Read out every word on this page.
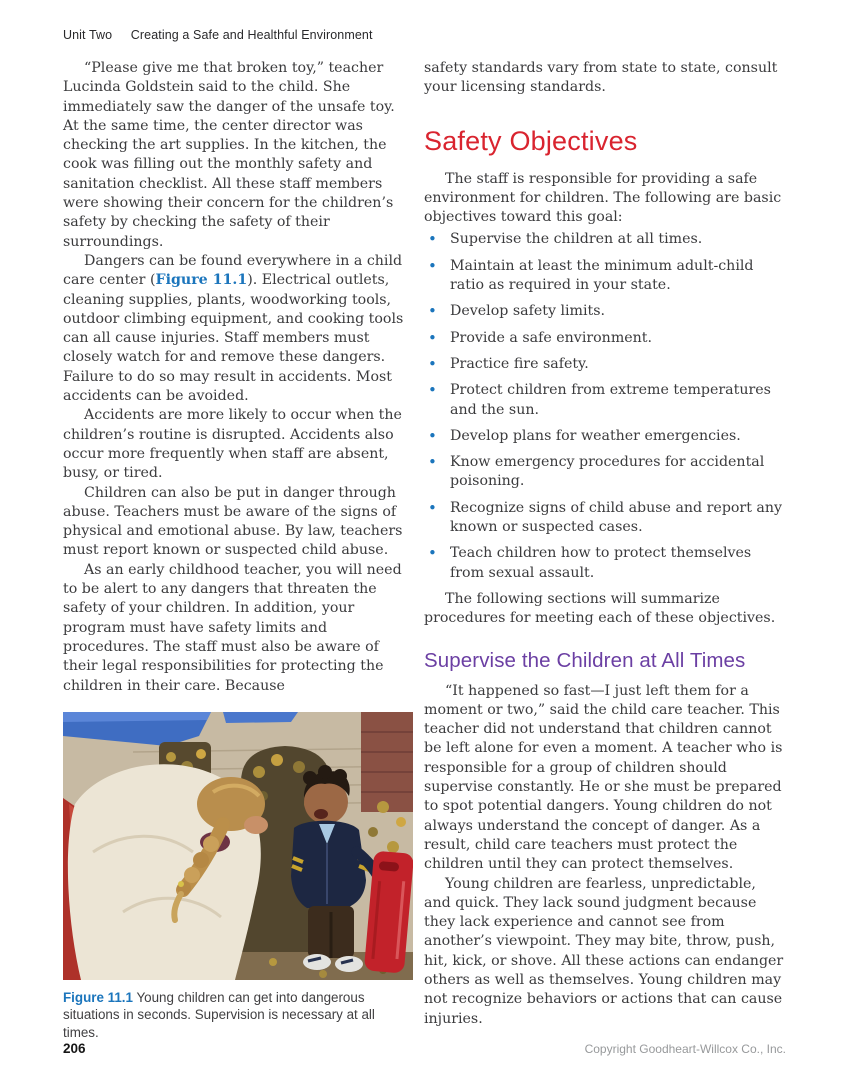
Unit Two Creating a Safe and Healthful Environment

“Please give me that broken toy,” teacher Lucinda Goldstein said to the child. She immediately saw the danger of the unsafe toy. At the same time, the center director was checking the art supplies. In the kitchen, the cook was filling out the monthly safety and sanitation checklist. All these staff members were showing their concern for the children’s safety by checking the safety of their surroundings.

Dangers can be found everywhere in a child care center (Figure 11.1). Electrical outlets, cleaning supplies, plants, woodworking tools, outdoor climbing equipment, and cooking tools can all cause injuries. Staff members must closely watch for and remove these dangers. Failure to do so may result in accidents. Most accidents can be avoided.

Accidents are more likely to occur when the children’s routine is disrupted. Accidents also occur more frequently when staff are absent, busy, or tired.

Children can also be put in danger through abuse. Teachers must be aware of the signs of physical and emotional abuse. By law, teachers must report known or suspected child abuse.

As an early childhood teacher, you will need to be alert to any dangers that threaten the safety of your children. In addition, your program must have safety limits and procedures. The staff must also be aware of their legal responsibilities for protecting the children in their care. Because

Figure 11.1 Young children can get into dangerous situations in seconds. Supervision is necessary at all times.

safety standards vary from state to state, consult your licensing standards.

Safety Objectives

The staff is responsible for providing a safe environment for children. The following are basic objectives toward this goal:

• Supervise the children at all times.
• Maintain at least the minimum adult-child ratio as required in your state.
• Develop safety limits.
• Provide a safe environment.
• Practice fire safety.
• Protect children from extreme temperatures and the sun.
• Develop plans for weather emergencies.
• Know emergency procedures for accidental poisoning.
• Recognize signs of child abuse and report any known or suspected cases.
• Teach children how to protect themselves from sexual assault.

The following sections will summarize procedures for meeting each of these objectives.

Supervise the Children at All Times

“It happened so fast—I just left them for a moment or two,” said the child care teacher. This teacher did not understand that children cannot be left alone for even a moment. A teacher who is responsible for a group of children should supervise constantly. He or she must be prepared to spot potential dangers. Young children do not always understand the concept of danger. As a result, child care teachers must protect the children until they can protect themselves.

Young children are fearless, unpredictable, and quick. They lack sound judgment because they lack experience and cannot see from another’s viewpoint. They may bite, throw, push, hit, kick, or shove. All these actions can endanger others as well as themselves. Young children may not recognize behaviors or actions that can cause injuries.

206	Copyright Goodheart-Willcox Co., Inc.
